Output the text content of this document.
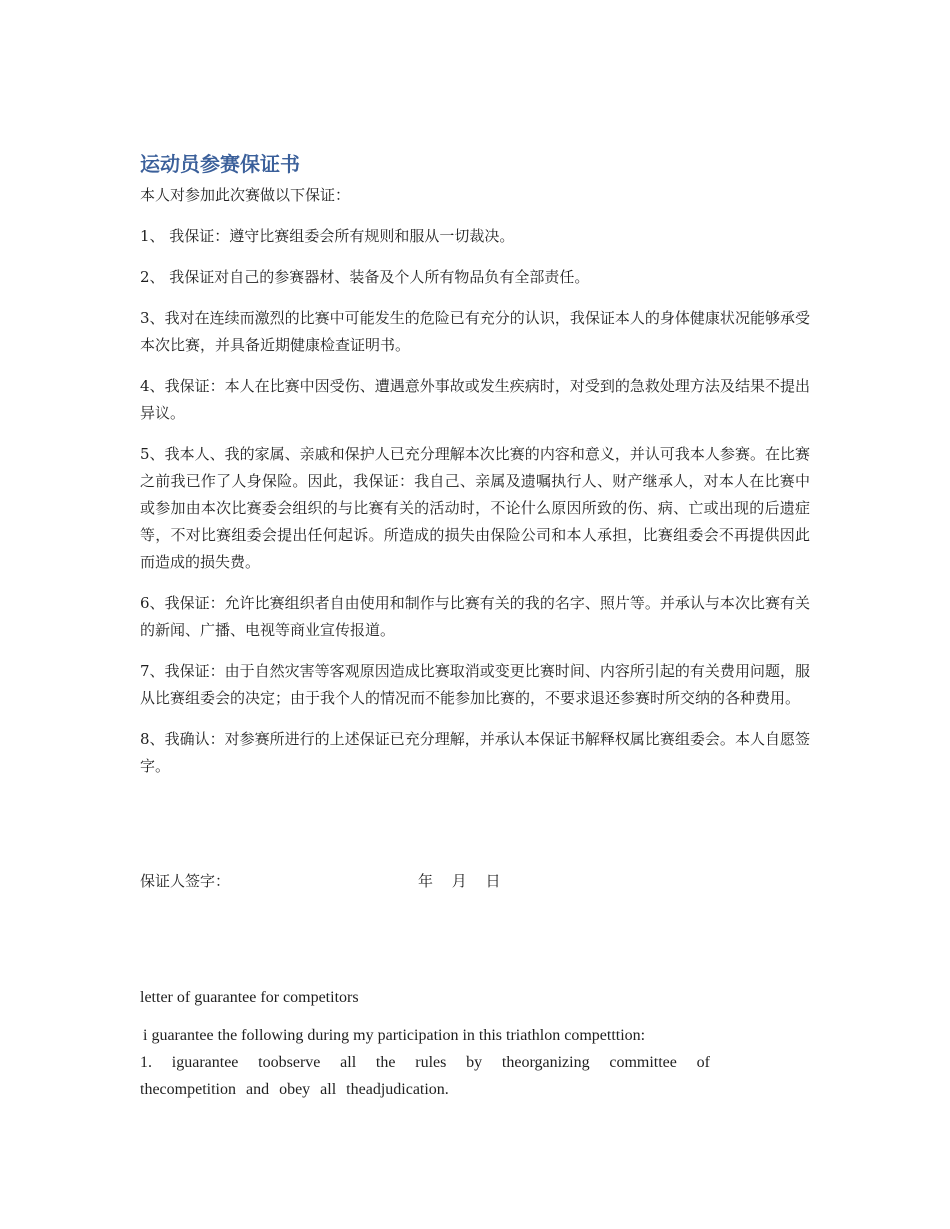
运动员参赛保证书

本人对参加此次赛做以下保证：

1、 我保证：遵守比赛组委会所有规则和服从一切裁决。

2、 我保证对自己的参赛器材、装备及个人所有物品负有全部责任。

3、我对在连续而激烈的比赛中可能发生的危险已有充分的认识，我保证本人的身体健康状况能够承受本次比赛，并具备近期健康检查证明书。

4、我保证：本人在比赛中因受伤、遭遇意外事故或发生疾病时，对受到的急救处理方法及结果不提出异议。

5、我本人、我的家属、亲戚和保护人已充分理解本次比赛的内容和意义，并认可我本人参赛。在比赛之前我已作了人身保险。因此，我保证：我自己、亲属及遗嘱执行人、财产继承人，对本人在比赛中或参加由本次比赛委会组织的与比赛有关的活动时，不论什么原因所致的伤、病、亡或出现的后遗症等，不对比赛组委会提出任何起诉。所造成的损失由保险公司和本人承担，比赛组委会不再提供因此而造成的损失费。

6、我保证：允许比赛组织者自由使用和制作与比赛有关的我的名字、照片等。并承认与本次比赛有关的新闻、广播、电视等商业宣传报道。

7、我保证：由于自然灾害等客观原因造成比赛取消或变更比赛时间、内容所引起的有关费用问题，服从比赛组委会的决定；由于我个人的情况而不能参加比赛的，不要求退还参赛时所交纳的各种费用。

8、我确认：对参赛所进行的上述保证已充分理解，并承认本保证书解释权属比赛组委会。本人自愿签字。

保证人签字：	年 月 日

letter of guarantee for competitors

i guarantee the following during my participation in this triathlon competttion:

1. iguarantee toobserve all the rules by theorganizing committee of thecompetition and obey all theadjudication.
